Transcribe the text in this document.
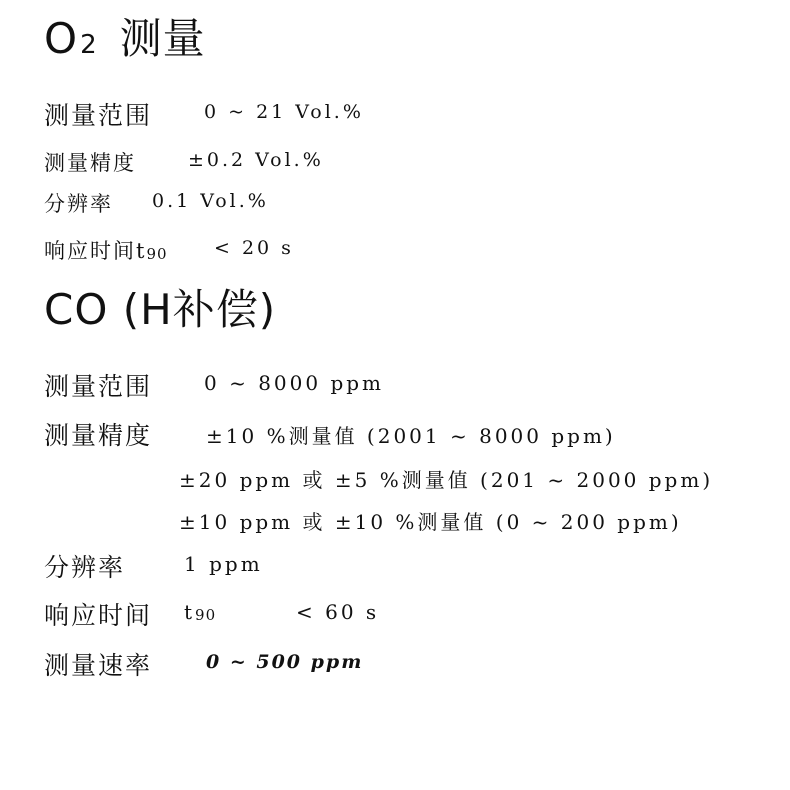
O2 测量
测量范围	0 ~ 21 Vol.%
测量精度	±0.2 Vol.%
分辨率 0.1 Vol.%
响应时间t90 < 20 s
CO (H补偿)
测量范围	0 ~ 8000 ppm
测量精度	±10 %测量值 (2001 ~ 8000 ppm)
±20 ppm 或 ±5 %测量值 (201 ~ 2000 ppm)
±10 ppm 或 ±10 %测量值 (0 ~ 200 ppm)
分辨率	1 ppm
响应时间 t90	< 60 s
测量速率	0 ~ 500 ppm
